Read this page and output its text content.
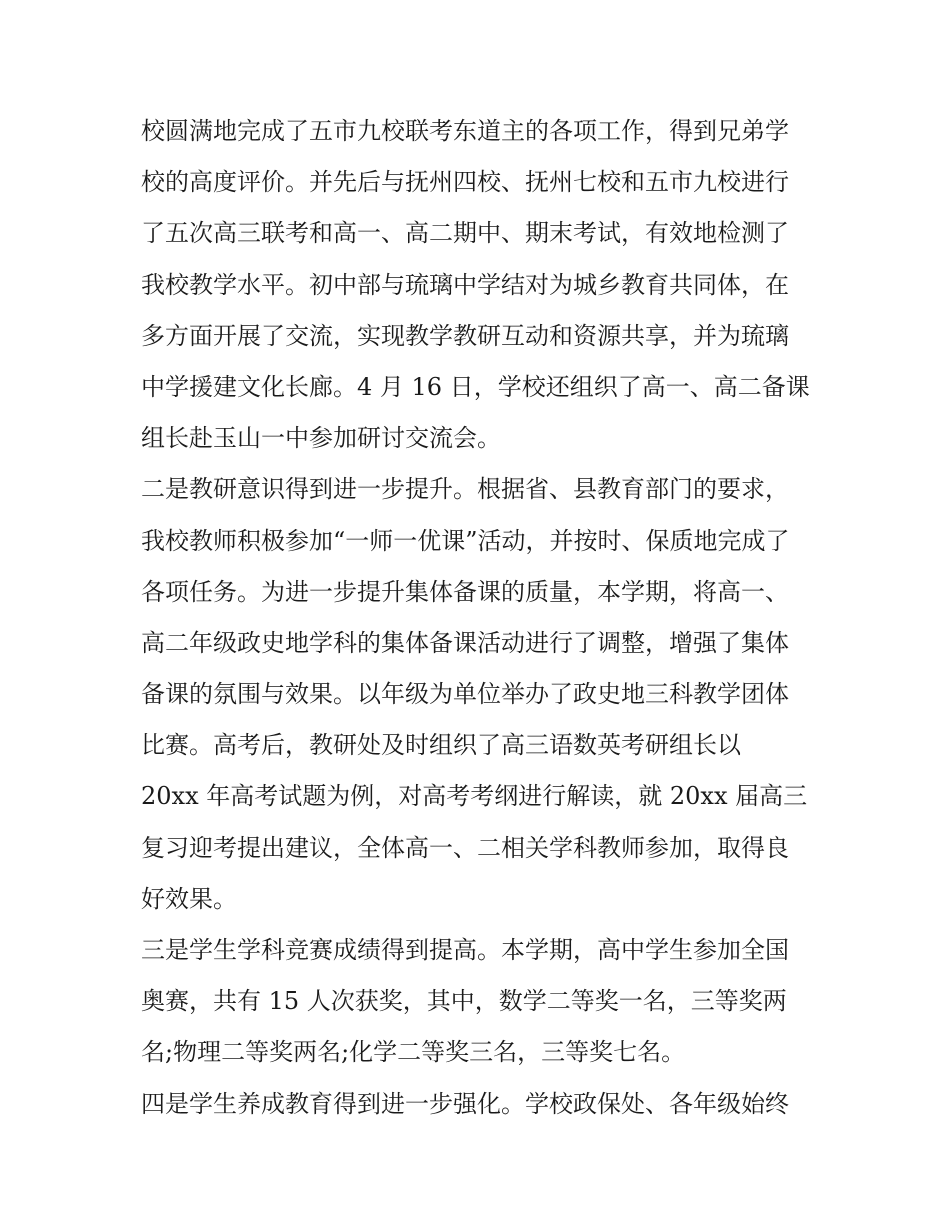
校圆满地完成了五市九校联考东道主的各项工作，得到兄弟学
校的高度评价。并先后与抚州四校、抚州七校和五市九校进行
了五次高三联考和高一、高二期中、期末考试，有效地检测了
我校教学水平。初中部与琉璃中学结对为城乡教育共同体，在
多方面开展了交流，实现教学教研互动和资源共享，并为琉璃
中学援建文化长廊。4 月 16 日，学校还组织了高一、高二备课
组长赴玉山一中参加研讨交流会。
二是教研意识得到进一步提升。根据省、县教育部门的要求，
我校教师积极参加“一师一优课”活动，并按时、保质地完成了
各项任务。为进一步提升集体备课的质量，本学期，将高一、
高二年级政史地学科的集体备课活动进行了调整，增强了集体
备课的氛围与效果。以年级为单位举办了政史地三科教学团体
比赛。高考后，教研处及时组织了高三语数英考研组长以
20xx 年高考试题为例，对高考考纲进行解读，就 20xx 届高三
复习迎考提出建议，全体高一、二相关学科教师参加，取得良
好效果。
三是学生学科竞赛成绩得到提高。本学期，高中学生参加全国
奥赛，共有 15 人次获奖，其中，数学二等奖一名，三等奖两
名;物理二等奖两名;化学二等奖三名，三等奖七名。
四是学生养成教育得到进一步强化。学校政保处、各年级始终
